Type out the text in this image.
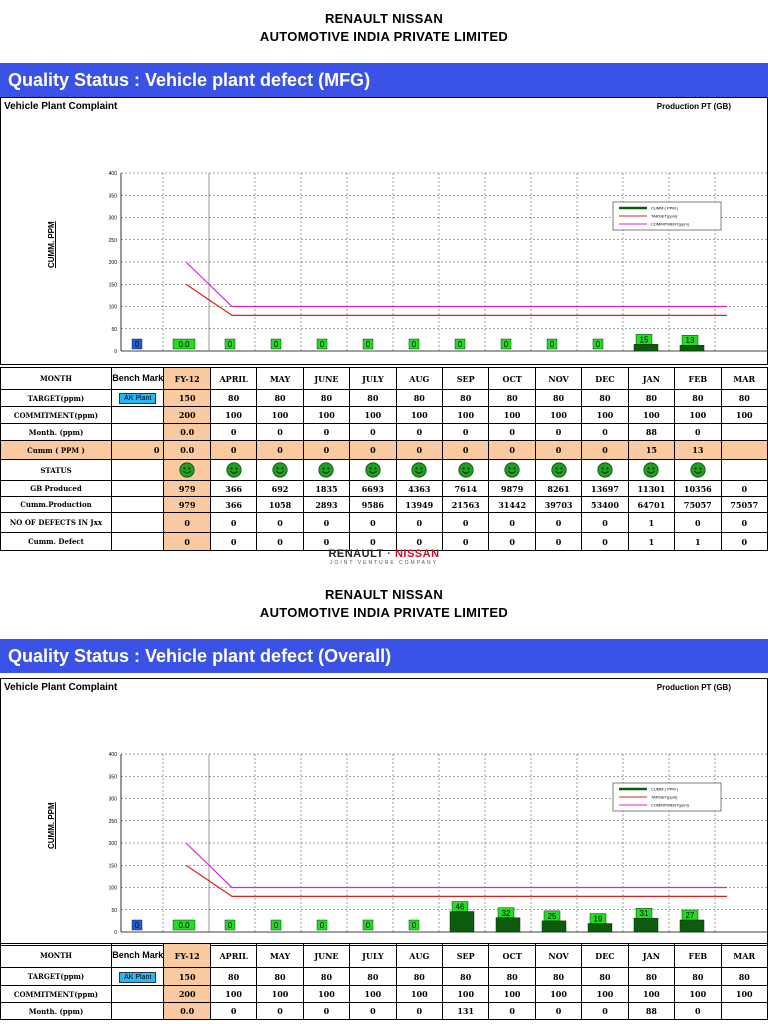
RENAULT NISSAN
AUTOMOTIVE INDIA PRIVATE LIMITED
Quality Status : Vehicle plant defect (MFG)
Vehicle Plant Complaint	Production PT (GB)
CUMM. PPM
0
50
100
150
200
250
300
350
400
0	0.0	0	0	0	0	0	0	0	0	0
15	13
CUMM ( PPM )
TARGET(ppm)
COMMITMENT(ppm)
MONTH	Bench Mark	FY-12	APRIL	MAY	JUNE	JULY	AUG	SEP	OCT	NOV	DEC	JAN	FEB	MAR
TARGET(ppm)	AK Plant	150	80	80	80	80	80	80	80	80	80	80	80	80
COMMITMENT(ppm)		200	100	100	100	100	100	100	100	100	100	100	100	100
Month. (ppm)		0.0	0	0	0	0	0	0	0	0	0	88	0	
Cumm ( PPM )	0	0.0	0	0	0	0	0	0	0	0	0	15	13	
STATUS														
GB Produced		979	366	692	1835	6693	4363	7614	9879	8261	13697	11301	10356	0
Cumm.Production		979	366	1058	2893	9586	13949	21563	31442	39703	53400	64701	75057	75057
NO OF DEFECTS IN Jxx		0	0	0	0	0	0	0	0	0	0	1	0	0
Cumm. Defect		0	0	0	0	0	0	0	0	0	0	1	1	0
RENAULT · NISSAN
JOINT VENTURE COMPANY
RENAULT NISSAN
AUTOMOTIVE INDIA PRIVATE LIMITED
Quality Status : Vehicle plant defect (Overall)
Vehicle Plant Complaint	Production PT (GB)
CUMM. PPM
0
50
100
150
200
250
300
350
400
0	0.0	0	0	0	0	0
46
32	25	19
31	27
CUMM ( PPM )
TARGET(ppm)
COMMITMENT(ppm)
MONTH	Bench Mark	FY-12	APRIL	MAY	JUNE	JULY	AUG	SEP	OCT	NOV	DEC	JAN	FEB	MAR
TARGET(ppm)	AK Plant	150	80	80	80	80	80	80	80	80	80	80	80	80
COMMITMENT(ppm)		200	100	100	100	100	100	100	100	100	100	100	100	100
Month. (ppm)		0.0	0	0	0	0	0	131	0	0	0	88	0	
